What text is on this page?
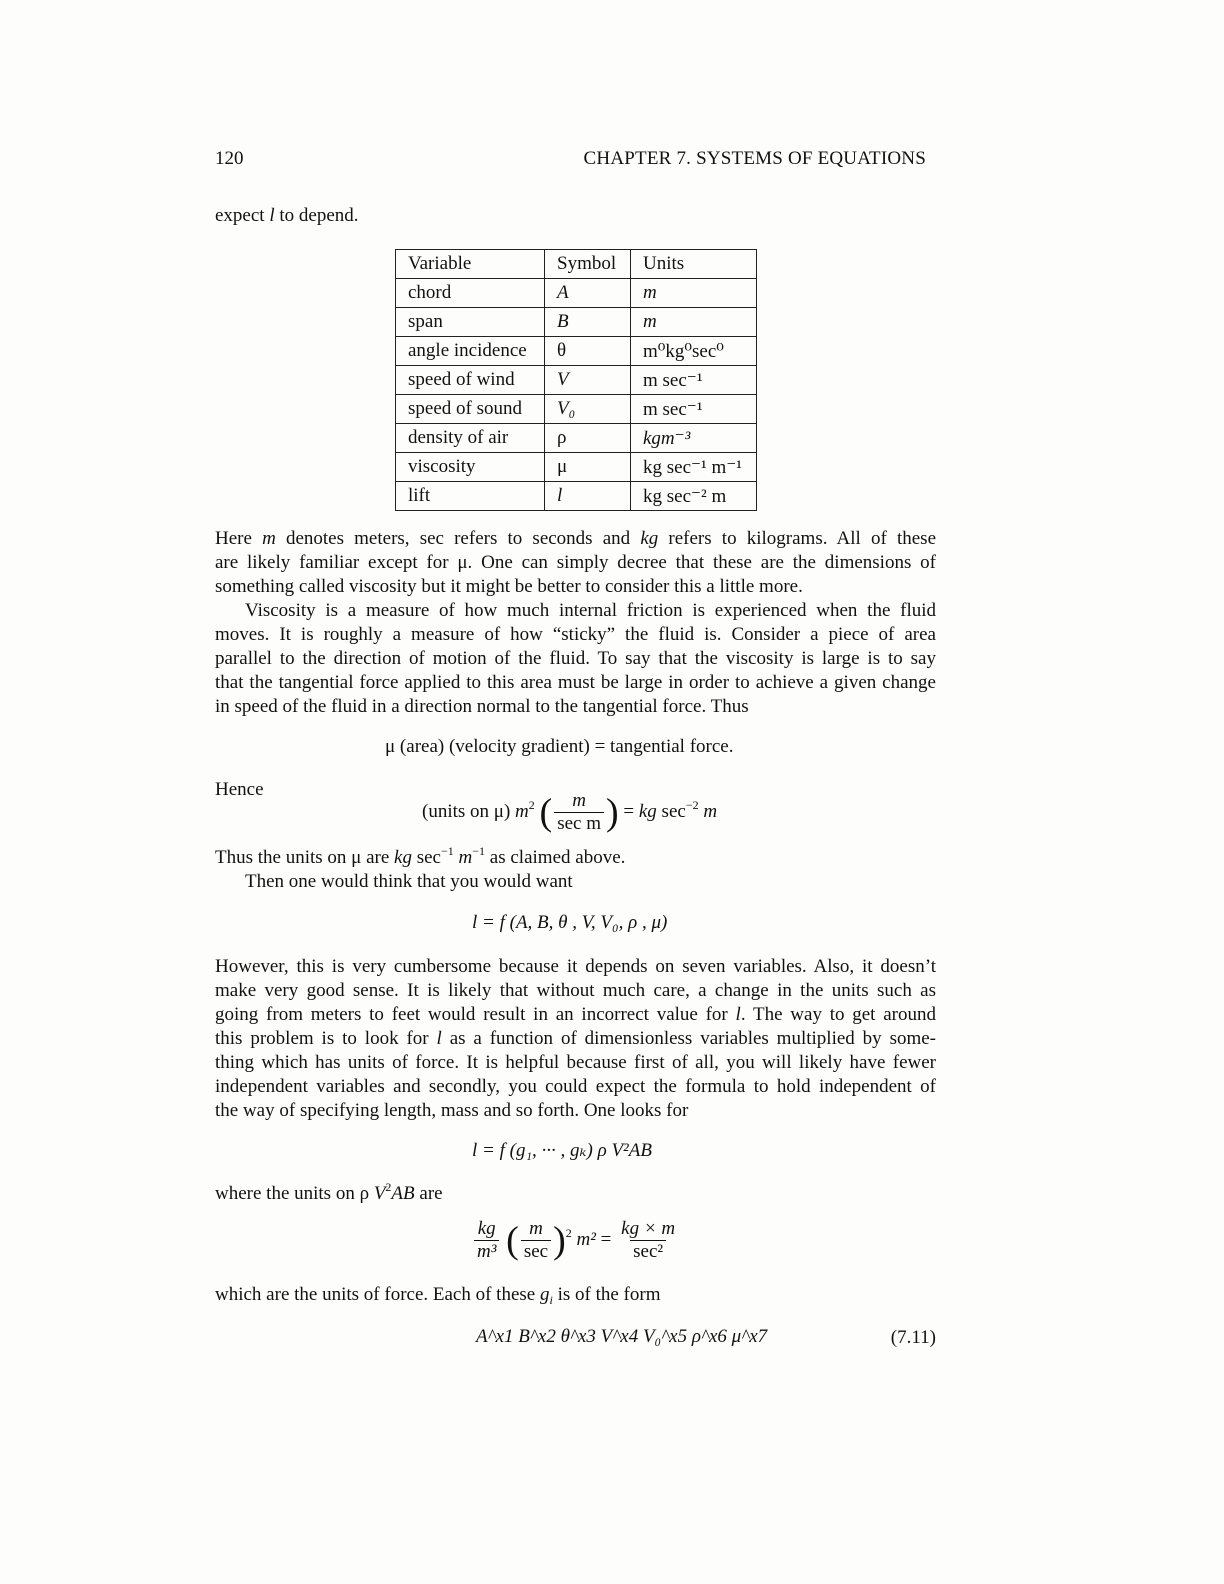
120	CHAPTER 7. SYSTEMS OF EQUATIONS
expect l to depend.
Variable	Symbol	Units
chord	A	m
span	B	m
angle incidence	θ	m⁰kg⁰sec⁰
speed of wind	V	m sec⁻¹
speed of sound	V₀	m sec⁻¹
density of air	ρ	kgm⁻³
viscosity	μ	kg sec⁻¹ m⁻¹
lift	l	kg sec⁻² m
Here m denotes meters, sec refers to seconds and kg refers to kilograms. All of these
are likely familiar except for μ. One can simply decree that these are the dimensions of
something called viscosity but it might be better to consider this a little more.
Viscosity is a measure of how much internal friction is experienced when the fluid
moves. It is roughly a measure of how “sticky” the fluid is. Consider a piece of area
parallel to the direction of motion of the fluid. To say that the viscosity is large is to say
that the tangential force applied to this area must be large in order to achieve a given change
in speed of the fluid in a direction normal to the tangential force. Thus
μ (area) (velocity gradient) = tangential force.
Hence
(units on μ) $m^2$ ( $\frac{m}{\text{sec m}}$ ) = kg $\sec^{-2} m$
Thus the units on μ are kg $\sec^{-1} m^{-1}$ as claimed above.
Then one would think that you would want
l = f (A, B, θ , V, V₀, ρ , μ)
However, this is very cumbersome because it depends on seven variables. Also, it doesn’t
make very good sense. It is likely that without much care, a change in the units such as
going from meters to feet would result in an incorrect value for l. The way to get around
this problem is to look for l as a function of dimensionless variables multiplied by some-
thing which has units of force. It is helpful because first of all, you will likely have fewer
independent variables and secondly, you could expect the formula to hold independent of
the way of specifying length, mass and so forth. One looks for
l = f (g₁, ··· , gₖ) ρ V²AB
where the units on ρ $V^2AB$ are
$\frac{kg}{\text{m³}}$ ( $\frac{m}{\sec} )^2$ $m^2 = \frac{kg \times m}{\text{sec²}}$
which are the units of force. Each of these $g_i$ is of the form
A^x1 B^x2 θ^x3 V^x4 V₀^x5 ρ^x6 μ^x7	(7.11)
